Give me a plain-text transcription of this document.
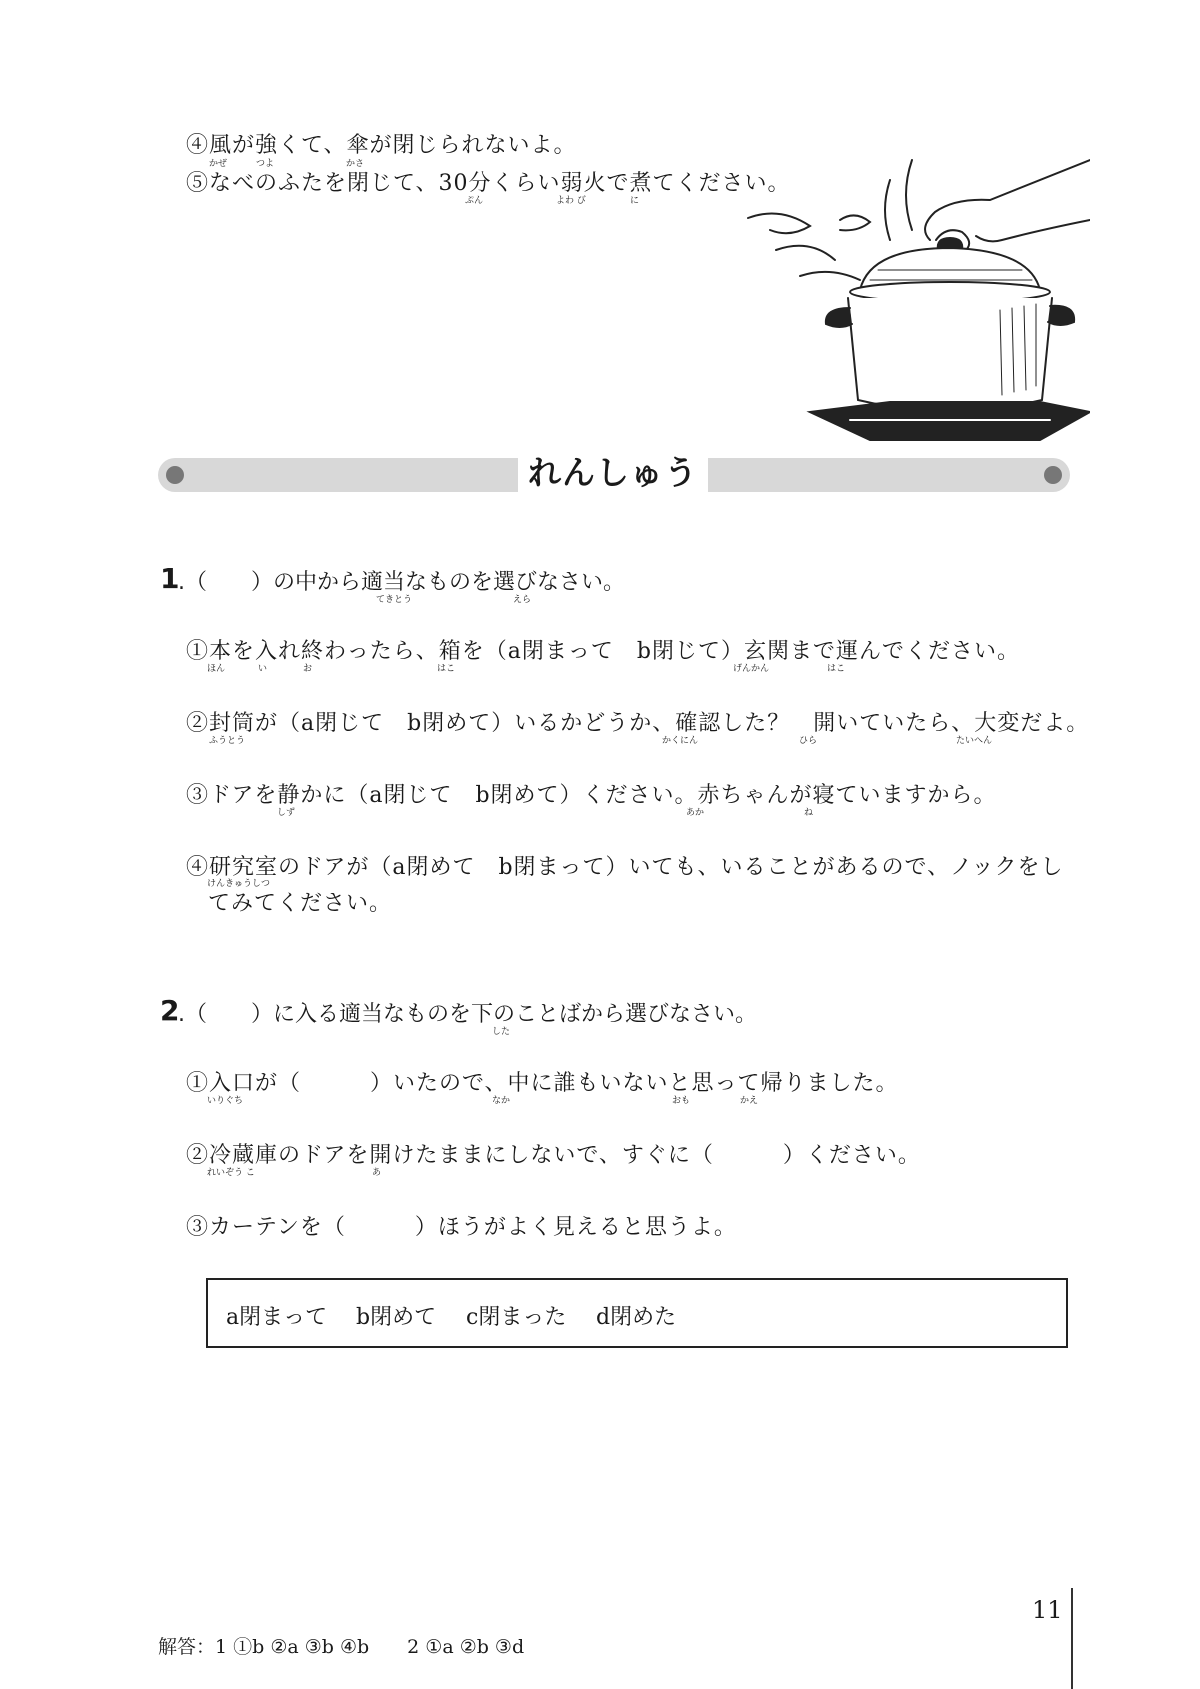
④風が強くて、傘が閉じられないよ。
かぜ	つよ	かさ
⑤なべのふたを閉じて、30分くらい弱火で煮てください。
ぷん	よわ び	に
れんしゅう
1
.（　　）の中から適当なものを選びなさい。
てきとう	えら
①本を入れ終わったら、箱を（a閉まって　b閉じて）玄関まで運んでください。
ほん	い	お	はこ	げんかん	はこ
②封筒が（a閉じて　b閉めて）いるかどうか、確認した？　開いていたら、大変だよ。
ふうとう	かくにん	ひら	たいへん
③ドアを静かに（a閉じて　b閉めて）ください。赤ちゃんが寝ていますから。
しず	あか	ね
④研究室のドアが（a閉めて　b閉まって）いても、いることがあるので、ノックをし
けんきゅうしつ
てみてください。
2
.（　　）に入る適当なものを下のことばから選びなさい。
した
①入口が（　　　）いたので、中に誰もいないと思って帰りました。
いりぐち	なか	おも	かえ
②冷蔵庫のドアを開けたままにしないで、すぐに（　　　）ください。
れいぞう こ	あ
③カーテンを（　　　）ほうがよく見えると思うよ。
a閉まって b閉めて c閉まった d閉めた
11
解答：1 ①b ②a ③b ④b　　2 ①a ②b ③d
